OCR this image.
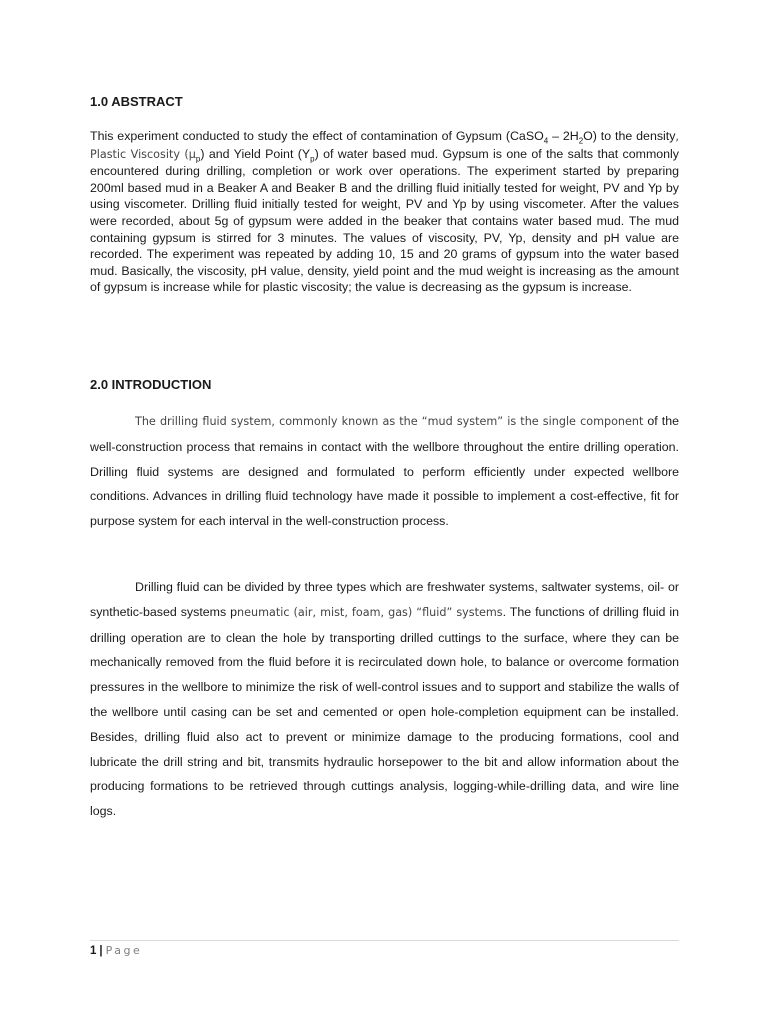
1.0 ABSTRACT

This experiment conducted to study the effect of contamination of Gypsum (CaSO$_4$ – $2H_2O$) to the density, Plastic Viscosity $(\mu_p)$ and Yield Point $(Y_p)$ of water based mud. Gypsum is one of the salts that commonly encountered during drilling, completion or work over operations. The experiment started by preparing 200ml based mud in a Beaker A and Beaker B and the drilling fluid initially tested for weight, PV and Yp by using viscometer. Drilling fluid initially tested for weight, PV and Yp by using viscometer. After the values were recorded, about 5g of gypsum were added in the beaker that contains water based mud. The mud containing gypsum is stirred for 3 minutes. The values of viscosity, PV, Yp, density and pH value are recorded. The experiment was repeated by adding 10, 15 and 20 grams of gypsum into the water based mud. Basically, the viscosity, pH value, density, yield point and the mud weight is increasing as the amount of gypsum is increase while for plastic viscosity; the value is decreasing as the gypsum is increase.

2.0 INTRODUCTION

The drilling fluid system, commonly known as the “mud system” is the single component of the well-construction process that remains in contact with the wellbore throughout the entire drilling operation. Drilling fluid systems are designed and formulated to perform efficiently under expected wellbore conditions. Advances in drilling fluid technology have made it possible to implement a cost-effective, fit for purpose system for each interval in the well-construction process.

Drilling fluid can be divided by three types which are freshwater systems, saltwater systems, oil- or synthetic-based systems pneumatic (air, mist, foam, gas) “fluid” systems. The functions of drilling fluid in drilling operation are to clean the hole by transporting drilled cuttings to the surface, where they can be mechanically removed from the fluid before it is recirculated down hole, to balance or overcome formation pressures in the wellbore to minimize the risk of well-control issues and to support and stabilize the walls of the wellbore until casing can be set and cemented or open hole-completion equipment can be installed. Besides, drilling fluid also act to prevent or minimize damage to the producing formations, cool and lubricate the drill string and bit, transmits hydraulic horsepower to the bit and allow information about the producing formations to be retrieved through cuttings analysis, logging-while-drilling data, and wire line logs.

1 | Page
